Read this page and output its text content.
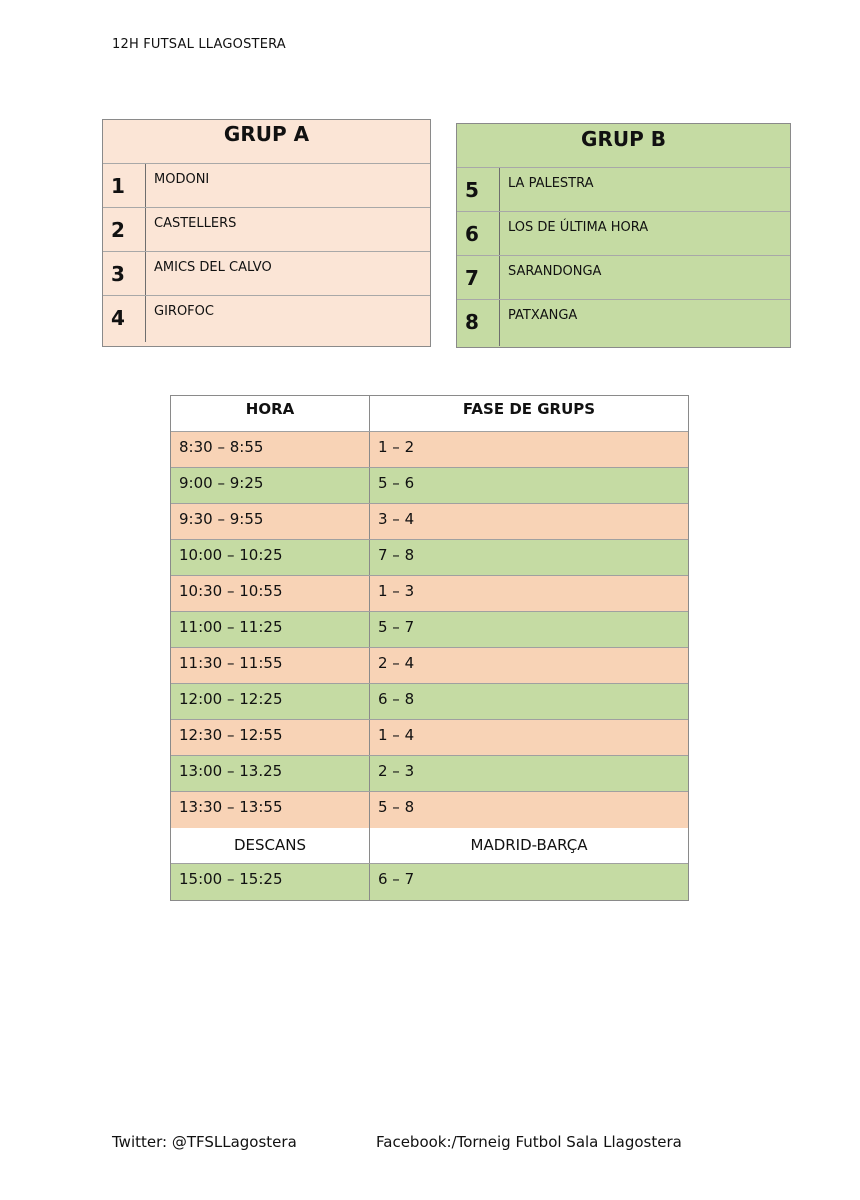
12H FUTSAL LLAGOSTERA
GRUP A
1	MODONI
2	CASTELLERS
3	AMICS DEL CALVO
4	GIROFOC
GRUP B
5	LA PALESTRA
6	LOS DE ÚLTIMA HORA
7	SARANDONGA
8	PATXANGA
HORA	FASE DE GRUPS
8:30 – 8:55	1 – 2
9:00 – 9:25	5 – 6
9:30 – 9:55	3 – 4
10:00 – 10:25	7 – 8
10:30 – 10:55	1 – 3
11:00 – 11:25	5 – 7
11:30 – 11:55	2 – 4
12:00 – 12:25	6 – 8
12:30 – 12:55	1 – 4
13:00 – 13.25	2 – 3
13:30 – 13:55	5 – 8
DESCANS	MADRID-BARÇA
15:00 – 15:25	6 – 7
Twitter: @TFSLLagostera	Facebook:/Torneig Futbol Sala Llagostera
